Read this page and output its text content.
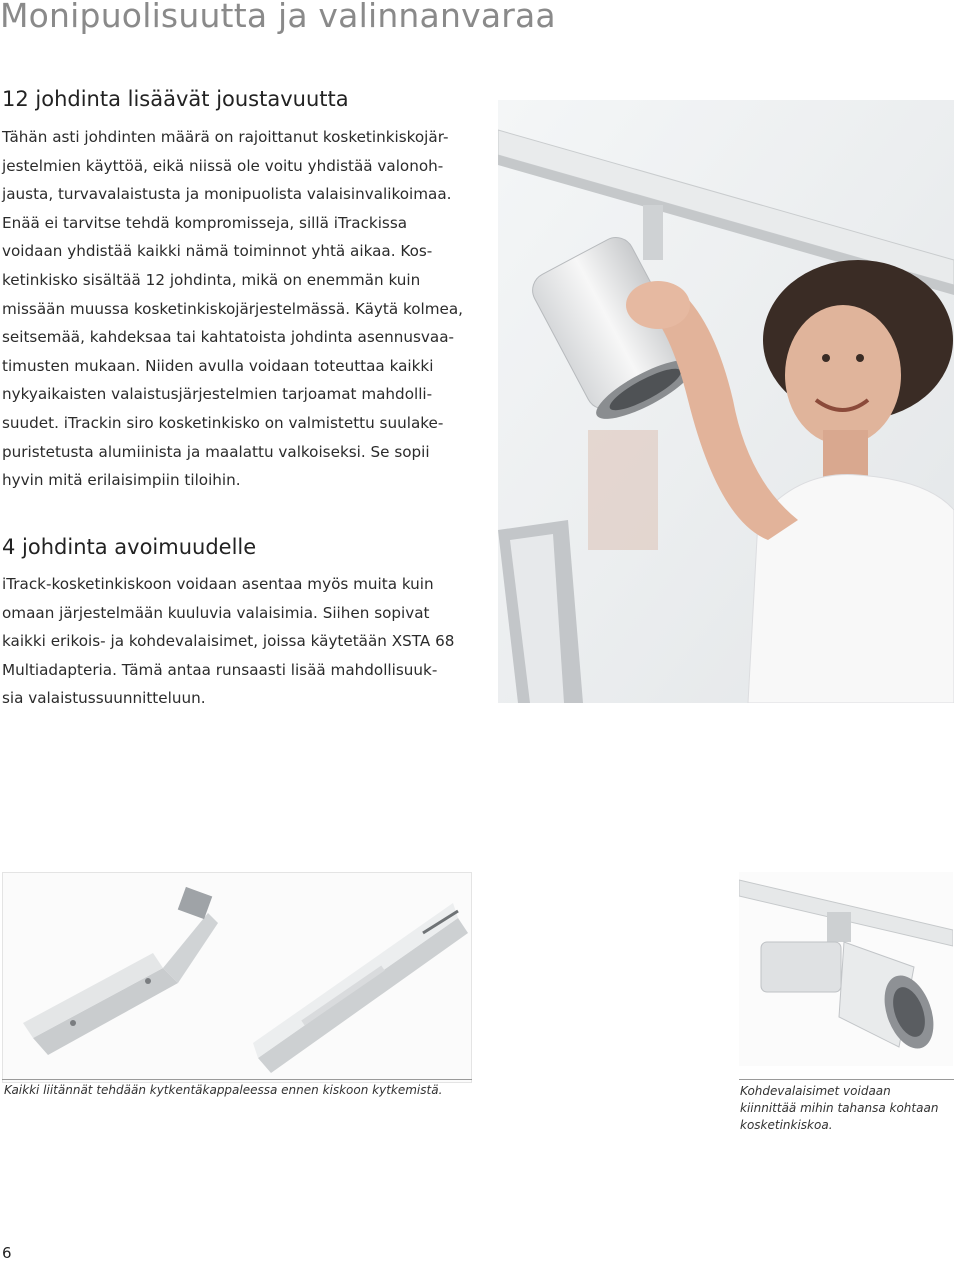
Monipuolisuutta ja valinnanvaraa
12 johdinta lisäävät joustavuutta
Tähän asti johdinten määrä on rajoittanut kosketinkiskojär-
jestelmien käyttöä, eikä niissä ole voitu yhdistää valonoh-
jausta, turvavalaistusta ja monipuolista valaisinvalikoimaa.
Enää ei tarvitse tehdä kompromisseja, sillä iTrackissa
voidaan yhdistää kaikki nämä toiminnot yhtä aikaa. Kos-
ketinkisko sisältää 12 johdinta, mikä on enemmän kuin
missään muussa kosketinkiskojärjestelmässä. Käytä kolmea,
seitsemää, kahdeksaa tai kahtatoista johdinta asennusvaa-
timusten mukaan. Niiden avulla voidaan toteuttaa kaikki
nykyaikaisten valaistusjärjestelmien tarjoamat mahdolli-
suudet. iTrackin siro kosketinkisko on valmistettu suulake-
puristetusta alumiinista ja maalattu valkoiseksi. Se sopii
hyvin mitä erilaisimpiin tiloihin.
4 johdinta avoimuudelle
iTrack-kosketinkiskoon voidaan asentaa myös muita kuin
omaan järjestelmään kuuluvia valaisimia. Siihen sopivat
kaikki erikois- ja kohdevalaisimet, joissa käytetään XSTA 68
Multiadapteria. Tämä antaa runsaasti lisää mahdollisuuk-
sia valaistussuunnitteluun.

Kaikki liitännät tehdään kytkentäkappaleessa ennen kiskoon kytkemistä.	Kohdevalaisimet voidaan
kiinnittää mihin tahansa kohtaan
kosketinkiskoa.

6
